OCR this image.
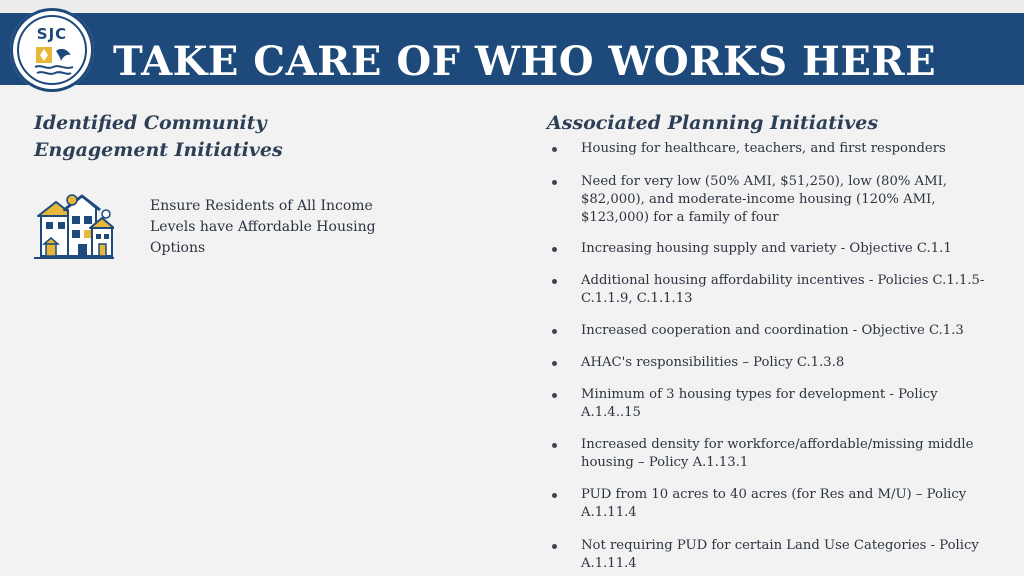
TAKE CARE OF WHO WORKS HERE
SJC
Identified Community
Engagement Initiatives
Ensure Residents of All Income Levels have Affordable Housing Options
Associated Planning Initiatives
Housing for healthcare, teachers, and first responders
Need for very low (50% AMI, $51,250), low (80% AMI, $82,000), and moderate-income housing (120% AMI, $123,000) for a family of four
Increasing housing supply and variety - Objective C.1.1
Additional housing affordability incentives - Policies C.1.1.5- C.1.1.9, C.1.1.13
Increased cooperation and coordination - Objective C.1.3
AHAC's responsibilities – Policy C.1.3.8
Minimum of 3 housing types for development - Policy A.1.4..15
Increased density for workforce/affordable/missing middle housing – Policy A.1.13.1
PUD from 10 acres to 40 acres (for Res and M/U) – Policy A.1.11.4
Not requiring PUD for certain Land Use Categories - Policy A.1.11.4
